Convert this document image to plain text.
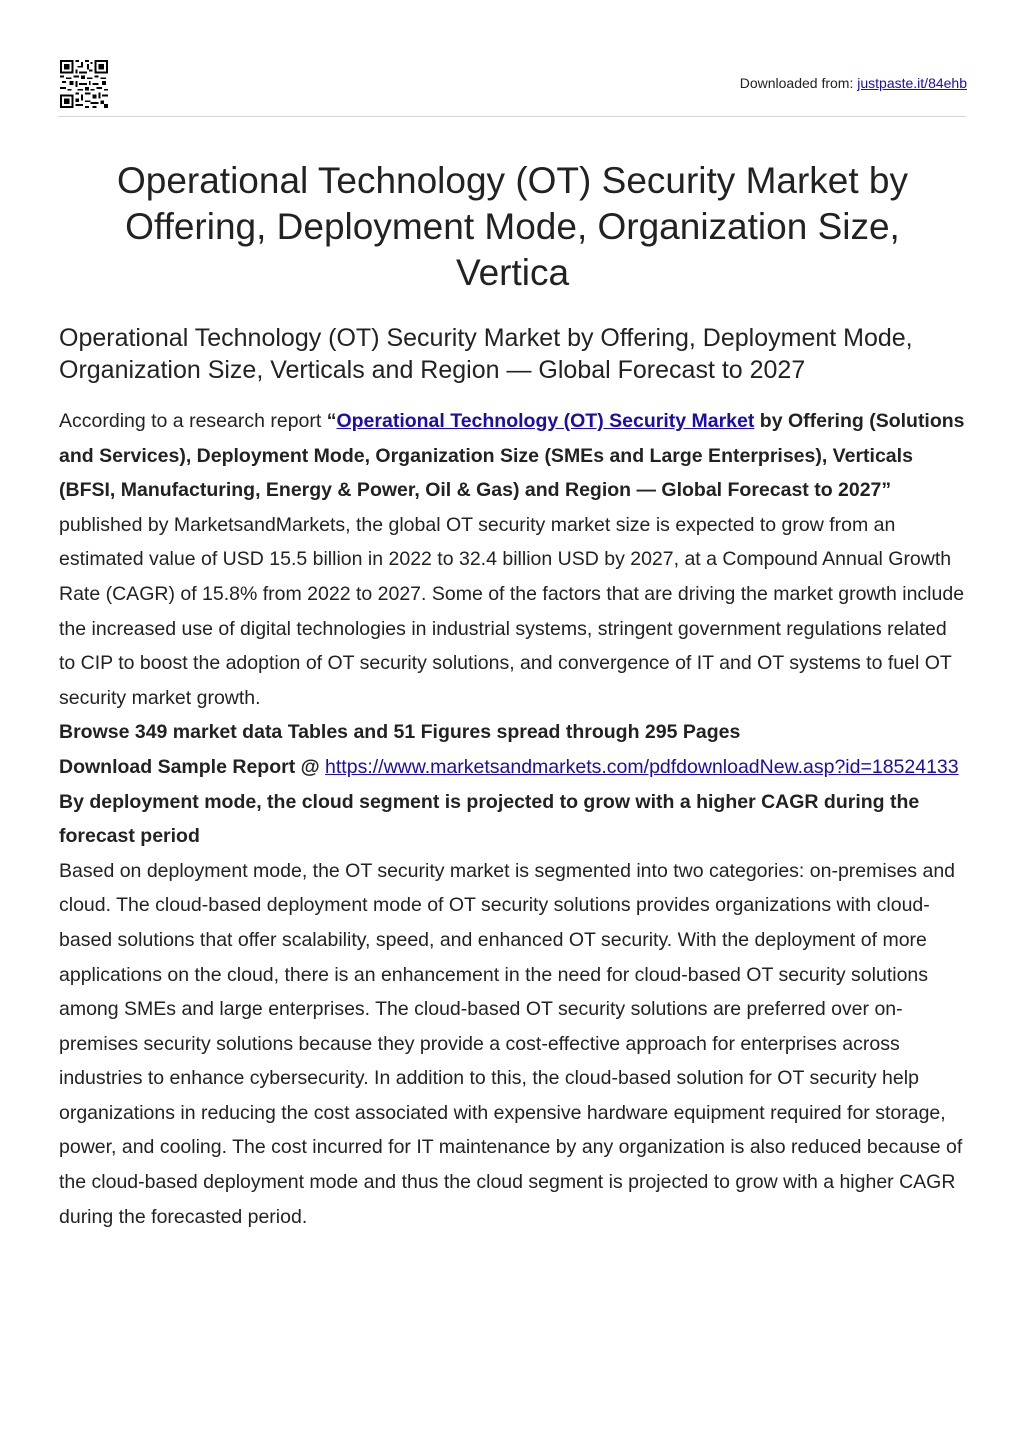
Downloaded from: justpaste.it/84ehb
Operational Technology (OT) Security Market by Offering, Deployment Mode, Organization Size, Vertica
Operational Technology (OT) Security Market by Offering, Deployment Mode, Organization Size, Verticals and Region — Global Forecast to 2027

According to a research report “Operational Technology (OT) Security Market by Offering (Solutions and Services), Deployment Mode, Organization Size (SMEs and Large Enterprises), Verticals (BFSI, Manufacturing, Energy & Power, Oil & Gas) and Region — Global Forecast to 2027” published by MarketsandMarkets, the global OT security market size is expected to grow from an estimated value of USD 15.5 billion in 2022 to 32.4 billion USD by 2027, at a Compound Annual Growth Rate (CAGR) of 15.8% from 2022 to 2027. Some of the factors that are driving the market growth include the increased use of digital technologies in industrial systems, stringent government regulations related to CIP to boost the adoption of OT security solutions, and convergence of IT and OT systems to fuel OT security market growth.

Browse 349 market data Tables and 51 Figures spread through 295 Pages

Download Sample Report @ https://www.marketsandmarkets.com/pdfdownloadNew.asp?id=18524133

By deployment mode, the cloud segment is projected to grow with a higher CAGR during the forecast period

Based on deployment mode, the OT security market is segmented into two categories: on-premises and cloud. The cloud-based deployment mode of OT security solutions provides organizations with cloud-based solutions that offer scalability, speed, and enhanced OT security. With the deployment of more applications on the cloud, there is an enhancement in the need for cloud-based OT security solutions among SMEs and large enterprises. The cloud-based OT security solutions are preferred over on-premises security solutions because they provide a cost-effective approach for enterprises across industries to enhance cybersecurity. In addition to this, the cloud-based solution for OT security help organizations in reducing the cost associated with expensive hardware equipment required for storage, power, and cooling. The cost incurred for IT maintenance by any organization is also reduced because of the cloud-based deployment mode and thus the cloud segment is projected to grow with a higher CAGR during the forecasted period.
